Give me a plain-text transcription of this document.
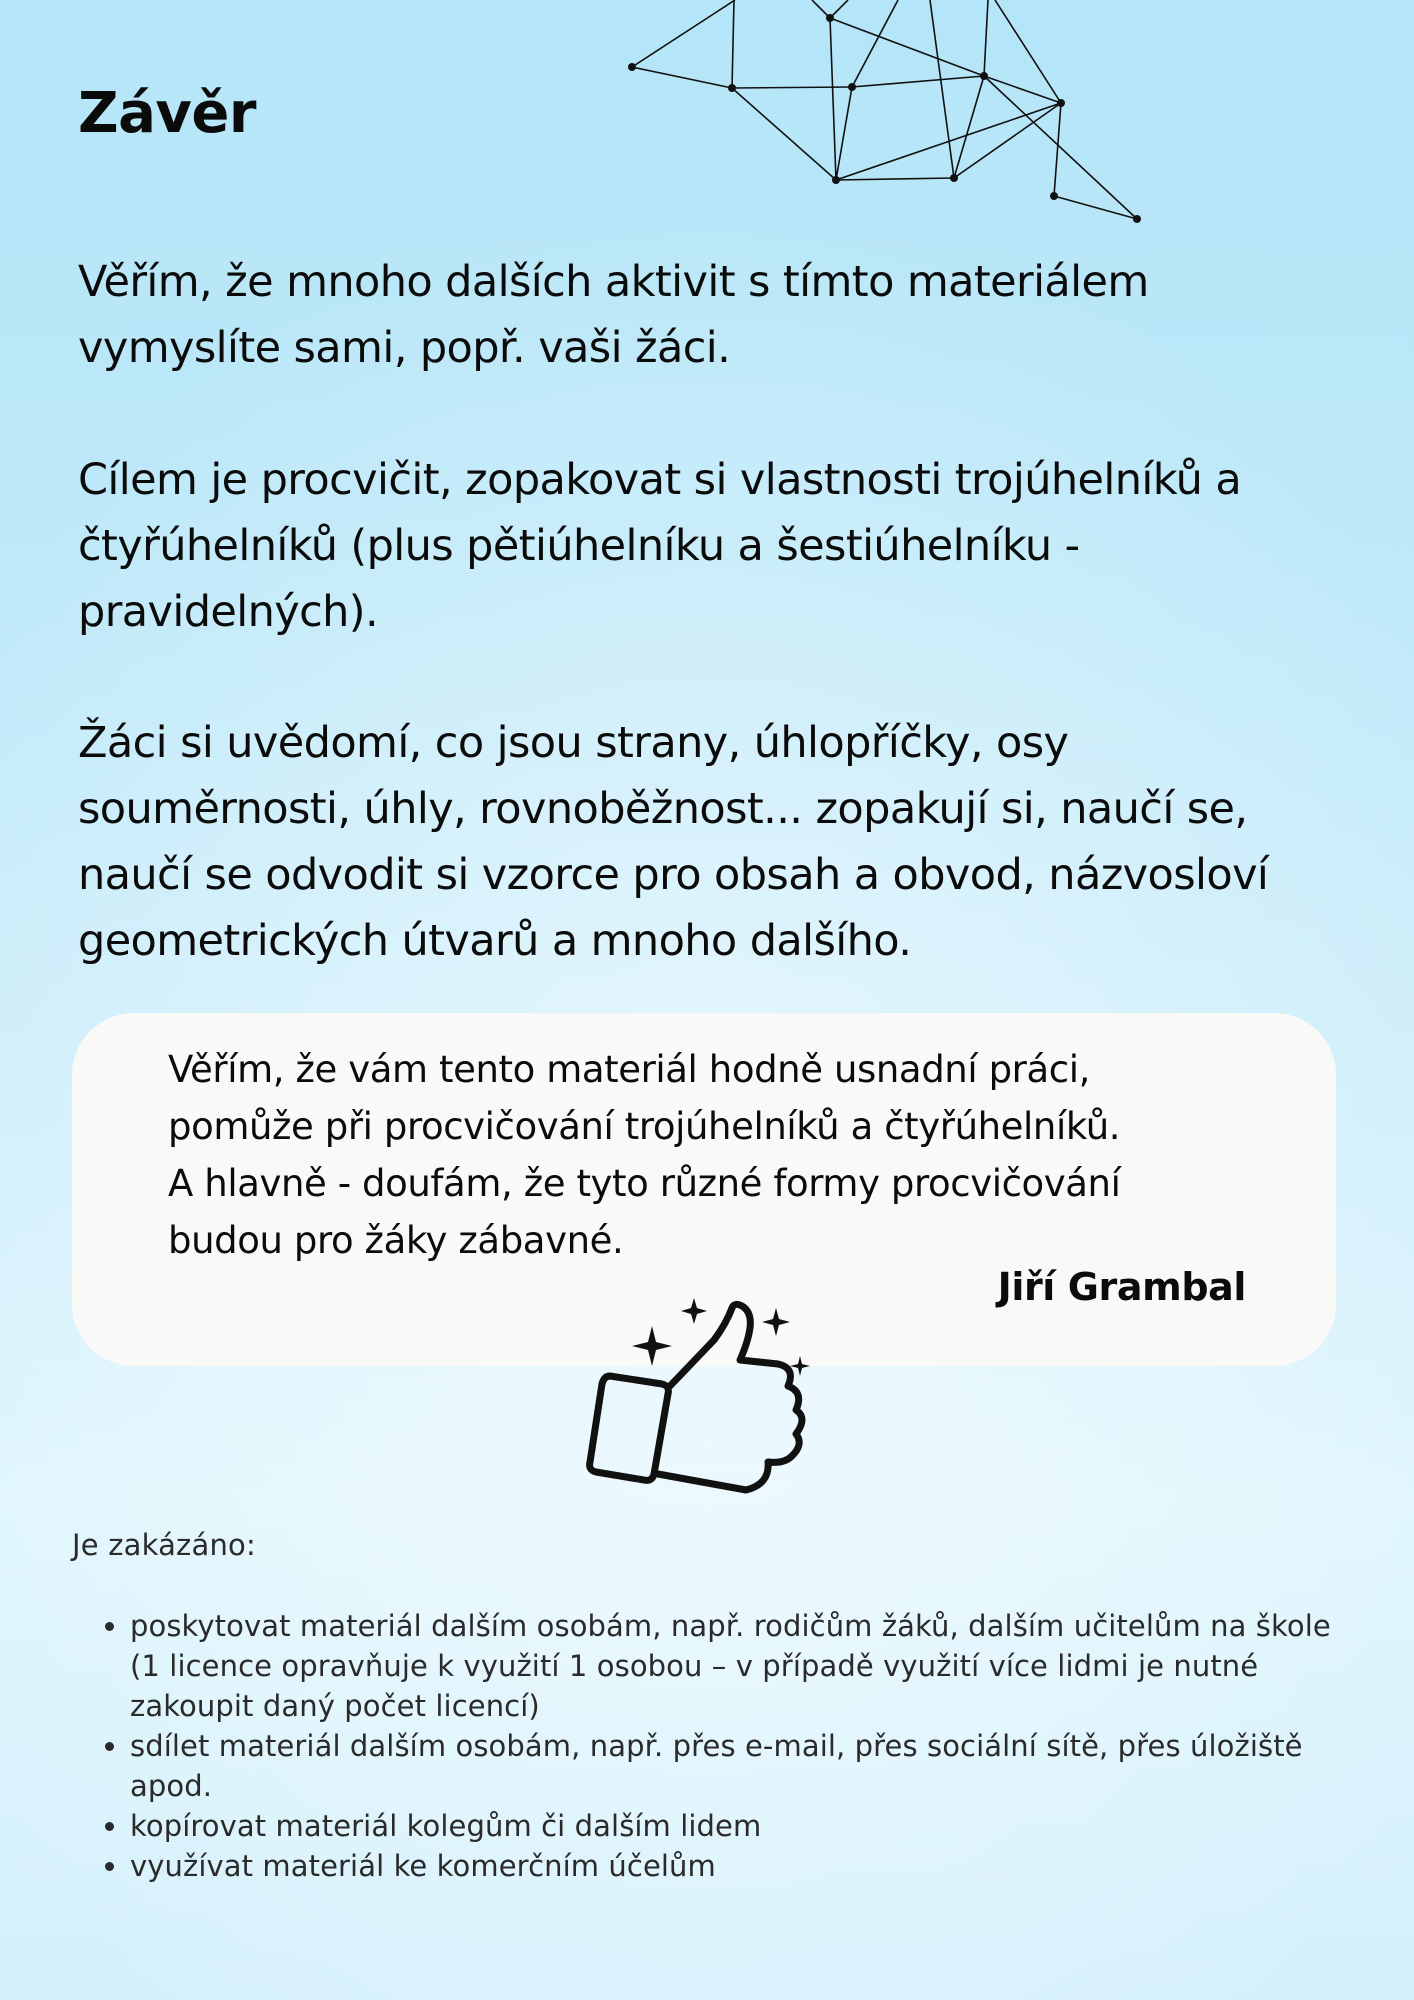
Závěr

Věřím, že mnoho dalších aktivit s tímto materiálem
vymyslíte sami, popř. vaši žáci.

Cílem je procvičit, zopakovat si vlastnosti trojúhelníků a
čtyřúhelníků (plus pětiúhelníku a šestiúhelníku -
pravidelných).

Žáci si uvědomí, co jsou strany, úhlopříčky, osy
souměrnosti, úhly, rovnoběžnost... zopakují si, naučí se,
naučí se odvodit si vzorce pro obsah a obvod, názvosloví
geometrických útvarů a mnoho dalšího.

Věřím, že vám tento materiál hodně usnadní práci,
pomůže při procvičování trojúhelníků a čtyřúhelníků.
A hlavně - doufám, že tyto různé formy procvičování
budou pro žáky zábavné.

Jiří Grambal

Je zakázáno:

• poskytovat materiál dalším osobám, např. rodičům žáků, dalším učitelům na škole (1 licence opravňuje k využití 1 osobou – v případě využití více lidmi je nutné zakoupit daný počet licencí)
• sdílet materiál dalším osobám, např. přes e-mail, přes sociální sítě, přes úložiště apod.
• kopírovat materiál kolegům či dalším lidem
• využívat materiál ke komerčním účelům
